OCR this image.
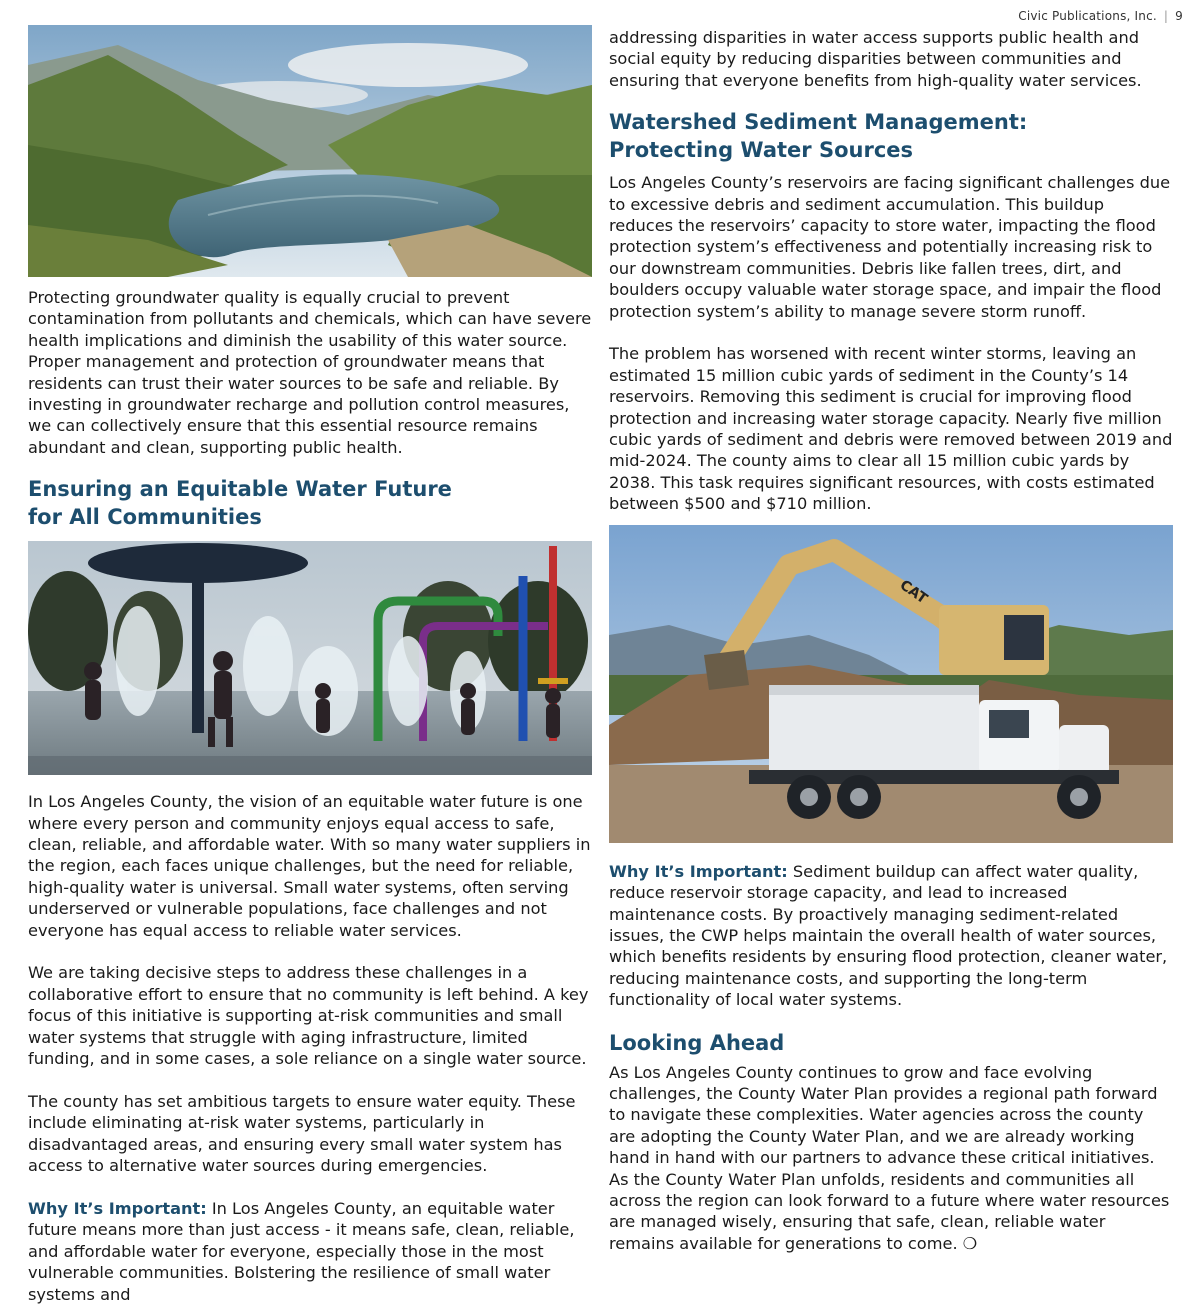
Civic Publications, Inc. | 9

Protecting groundwater quality is equally crucial to prevent contamination from pollutants and chemicals, which can have severe health implications and diminish the usability of this water source. Proper management and protection of groundwater means that residents can trust their water sources to be safe and reliable. By investing in groundwater recharge and pollution control measures, we can collectively ensure that this essential resource remains abundant and clean, supporting public health.

Ensuring an Equitable Water Future
for All Communities

In Los Angeles County, the vision of an equitable water future is one where every person and community enjoys equal access to safe, clean, reliable, and affordable water. With so many water suppliers in the region, each faces unique challenges, but the need for reliable, high-quality water is universal. Small water systems, often serving underserved or vulnerable populations, face challenges and not everyone has equal access to reliable water services.

We are taking decisive steps to address these challenges in a collaborative effort to ensure that no community is left behind. A key focus of this initiative is supporting at-risk communities and small water systems that struggle with aging infrastructure, limited funding, and in some cases, a sole reliance on a single water source.

The county has set ambitious targets to ensure water equity. These include eliminating at-risk water systems, particularly in disadvantaged areas, and ensuring every small water system has access to alternative water sources during emergencies.

Why It’s Important: In Los Angeles County, an equitable water future means more than just access - it means safe, clean, reliable, and affordable water for everyone, especially those in the most vulnerable communities. Bolstering the resilience of small water systems and

addressing disparities in water access supports public health and social equity by reducing disparities between communities and ensuring that everyone benefits from high-quality water services.

Watershed Sediment Management:
Protecting Water Sources

Los Angeles County’s reservoirs are facing significant challenges due to excessive debris and sediment accumulation. This buildup reduces the reservoirs’ capacity to store water, impacting the flood protection system’s effectiveness and potentially increasing risk to our downstream communities. Debris like fallen trees, dirt, and boulders occupy valuable water storage space, and impair the flood protection system’s ability to manage severe storm runoff.

The problem has worsened with recent winter storms, leaving an estimated 15 million cubic yards of sediment in the County’s 14 reservoirs. Removing this sediment is crucial for improving flood protection and increasing water storage capacity. Nearly five million cubic yards of sediment and debris were removed between 2019 and mid-2024. The county aims to clear all 15 million cubic yards by 2038. This task requires significant resources, with costs estimated between $500 and $710 million.

CAT

Why It’s Important: Sediment buildup can affect water quality, reduce reservoir storage capacity, and lead to increased maintenance costs. By proactively managing sediment-related issues, the CWP helps maintain the overall health of water sources, which benefits residents by ensuring flood protection, cleaner water, reducing maintenance costs, and supporting the long-term functionality of local water systems.

Looking Ahead

As Los Angeles County continues to grow and face evolving challenges, the County Water Plan provides a regional path forward to navigate these complexities. Water agencies across the county are adopting the County Water Plan, and we are already working hand in hand with our partners to advance these critical initiatives. As the County Water Plan unfolds, residents and communities all across the region can look forward to a future where water resources are managed wisely, ensuring that safe, clean, reliable water remains available for generations to come. ❍
